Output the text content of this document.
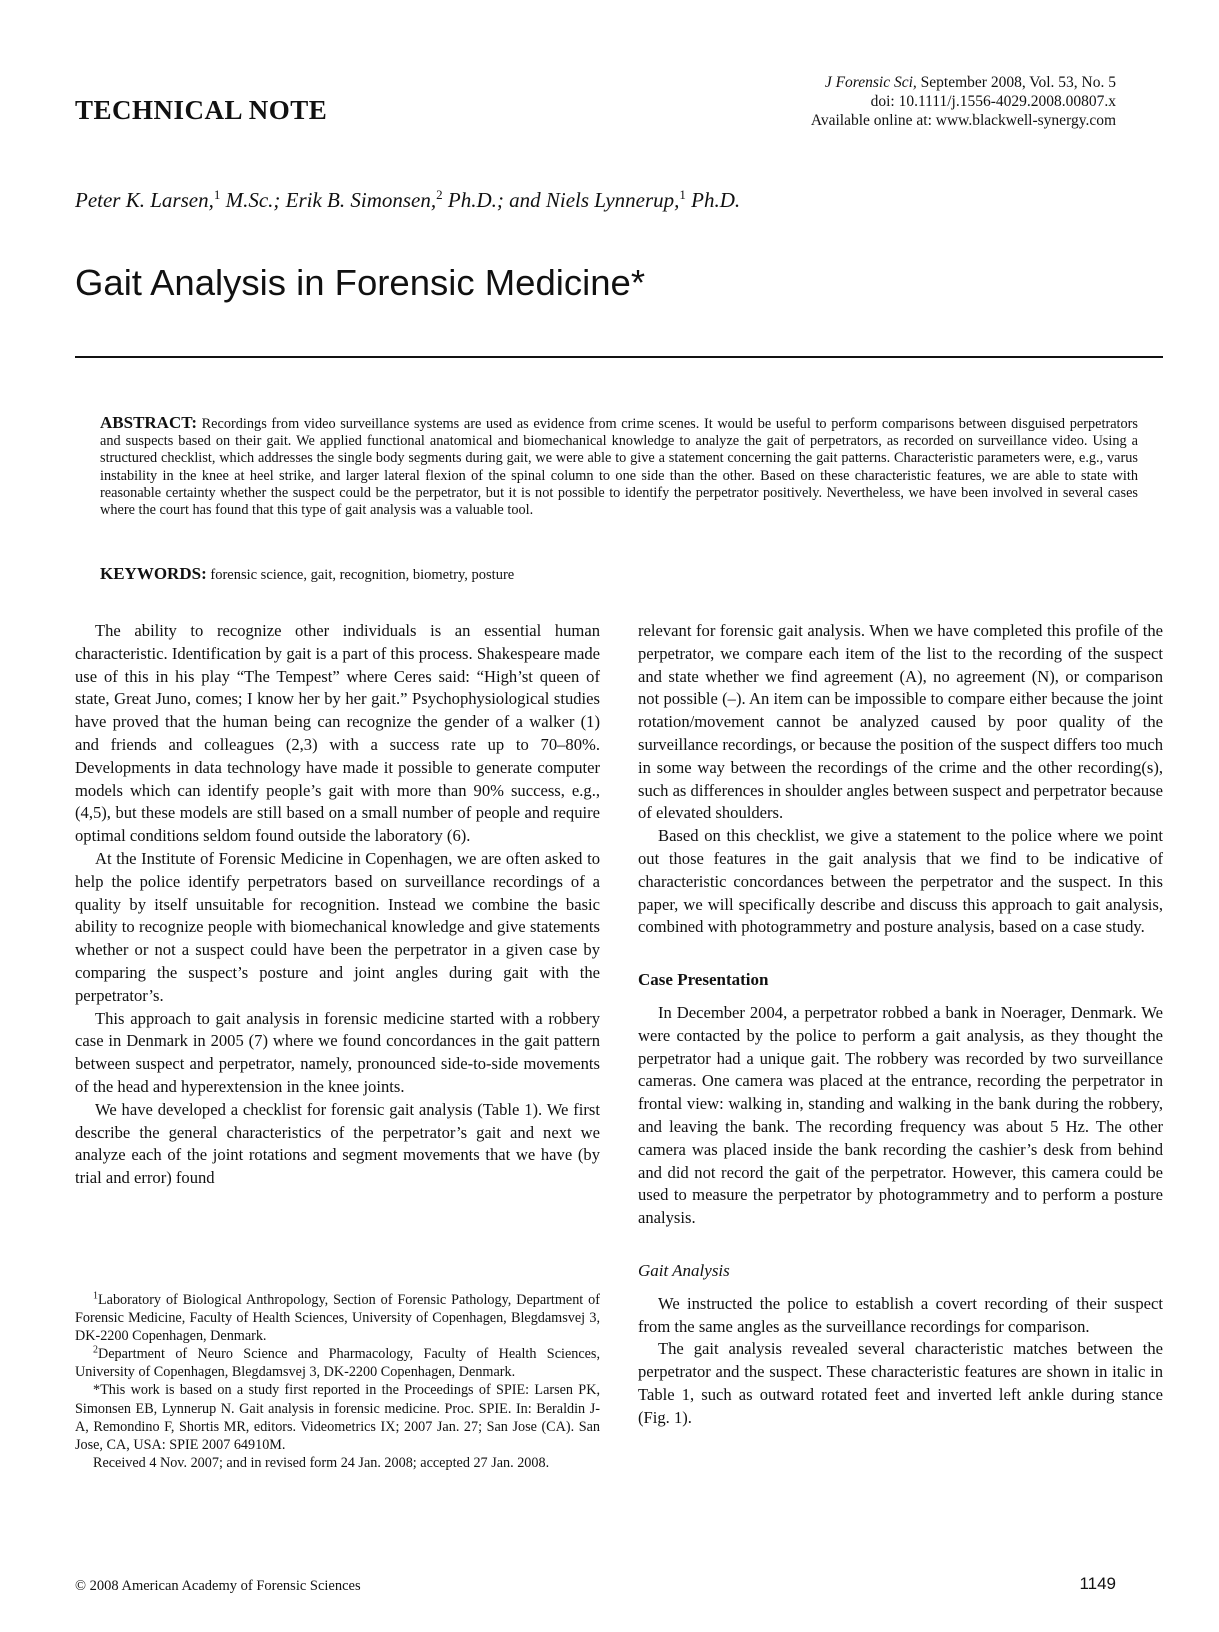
TECHNICAL NOTE
J Forensic Sci, September 2008, Vol. 53, No. 5
doi: 10.1111/j.1556-4029.2008.00807.x
Available online at: www.blackwell-synergy.com
Peter K. Larsen,$^1$ M.Sc.; Erik B. Simonsen,$^2$ Ph.D.; and Niels Lynnerup,$^1$ Ph.D.
Gait Analysis in Forensic Medicine*
ABSTRACT: Recordings from video surveillance systems are used as evidence from crime scenes. It would be useful to perform comparisons between disguised perpetrators and suspects based on their gait. We applied functional anatomical and biomechanical knowledge to analyze the gait of perpetrators, as recorded on surveillance video. Using a structured checklist, which addresses the single body segments during gait, we were able to give a statement concerning the gait patterns. Characteristic parameters were, e.g., varus instability in the knee at heel strike, and larger lateral flexion of the spinal column to one side than the other. Based on these characteristic features, we are able to state with reasonable certainty whether the suspect could be the perpetrator, but it is not possible to identify the perpetrator positively. Nevertheless, we have been involved in several cases where the court has found that this type of gait analysis was a valuable tool.
KEYWORDS: forensic science, gait, recognition, biometry, posture

The ability to recognize other individuals is an essential human characteristic. Identification by gait is a part of this process. Shakespeare made use of this in his play “The Tempest” where Ceres said: “High’st queen of state, Great Juno, comes; I know her by her gait.” Psychophysiological studies have proved that the human being can recognize the gender of a walker (1) and friends and colleagues (2,3) with a success rate up to 70–80%. Developments in data technology have made it possible to generate computer models which can identify people’s gait with more than 90% success, e.g., (4,5), but these models are still based on a small number of people and require optimal conditions seldom found outside the laboratory (6).

At the Institute of Forensic Medicine in Copenhagen, we are often asked to help the police identify perpetrators based on surveillance recordings of a quality by itself unsuitable for recognition. Instead we combine the basic ability to recognize people with biomechanical knowledge and give statements whether or not a suspect could have been the perpetrator in a given case by comparing the suspect’s posture and joint angles during gait with the perpetrator’s.

This approach to gait analysis in forensic medicine started with a robbery case in Denmark in 2005 (7) where we found concordances in the gait pattern between suspect and perpetrator, namely, pronounced side-to-side movements of the head and hyperextension in the knee joints.

We have developed a checklist for forensic gait analysis (Table 1). We first describe the general characteristics of the perpetrator’s gait and next we analyze each of the joint rotations and segment movements that we have (by trial and error) found

$^1$Laboratory of Biological Anthropology, Section of Forensic Pathology, Department of Forensic Medicine, Faculty of Health Sciences, University of Copenhagen, Blegdamsvej 3, DK-2200 Copenhagen, Denmark.

$^2$Department of Neuro Science and Pharmacology, Faculty of Health Sciences, University of Copenhagen, Blegdamsvej 3, DK-2200 Copenhagen, Denmark.

*This work is based on a study first reported in the Proceedings of SPIE: Larsen PK, Simonsen EB, Lynnerup N. Gait analysis in forensic medicine. Proc. SPIE. In: Beraldin J-A, Remondino F, Shortis MR, editors. Videometrics IX; 2007 Jan. 27; San Jose (CA). San Jose, CA, USA: SPIE 2007 64910M.

Received 4 Nov. 2007; and in revised form 24 Jan. 2008; accepted 27 Jan. 2008.

relevant for forensic gait analysis. When we have completed this profile of the perpetrator, we compare each item of the list to the recording of the suspect and state whether we find agreement (A), no agreement (N), or comparison not possible (–). An item can be impossible to compare either because the joint rotation/movement cannot be analyzed caused by poor quality of the surveillance recordings, or because the position of the suspect differs too much in some way between the recordings of the crime and the other recording(s), such as differences in shoulder angles between suspect and perpetrator because of elevated shoulders.

Based on this checklist, we give a statement to the police where we point out those features in the gait analysis that we find to be indicative of characteristic concordances between the perpetrator and the suspect. In this paper, we will specifically describe and discuss this approach to gait analysis, combined with photogrammetry and posture analysis, based on a case study.

Case Presentation

In December 2004, a perpetrator robbed a bank in Noerager, Denmark. We were contacted by the police to perform a gait analysis, as they thought the perpetrator had a unique gait. The robbery was recorded by two surveillance cameras. One camera was placed at the entrance, recording the perpetrator in frontal view: walking in, standing and walking in the bank during the robbery, and leaving the bank. The recording frequency was about 5 Hz. The other camera was placed inside the bank recording the cashier’s desk from behind and did not record the gait of the perpetrator. However, this camera could be used to measure the perpetrator by photogrammetry and to perform a posture analysis.

Gait Analysis

We instructed the police to establish a covert recording of their suspect from the same angles as the surveillance recordings for comparison.

The gait analysis revealed several characteristic matches between the perpetrator and the suspect. These characteristic features are shown in italic in Table 1, such as outward rotated feet and inverted left ankle during stance (Fig. 1).

© 2008 American Academy of Forensic Sciences	1149
